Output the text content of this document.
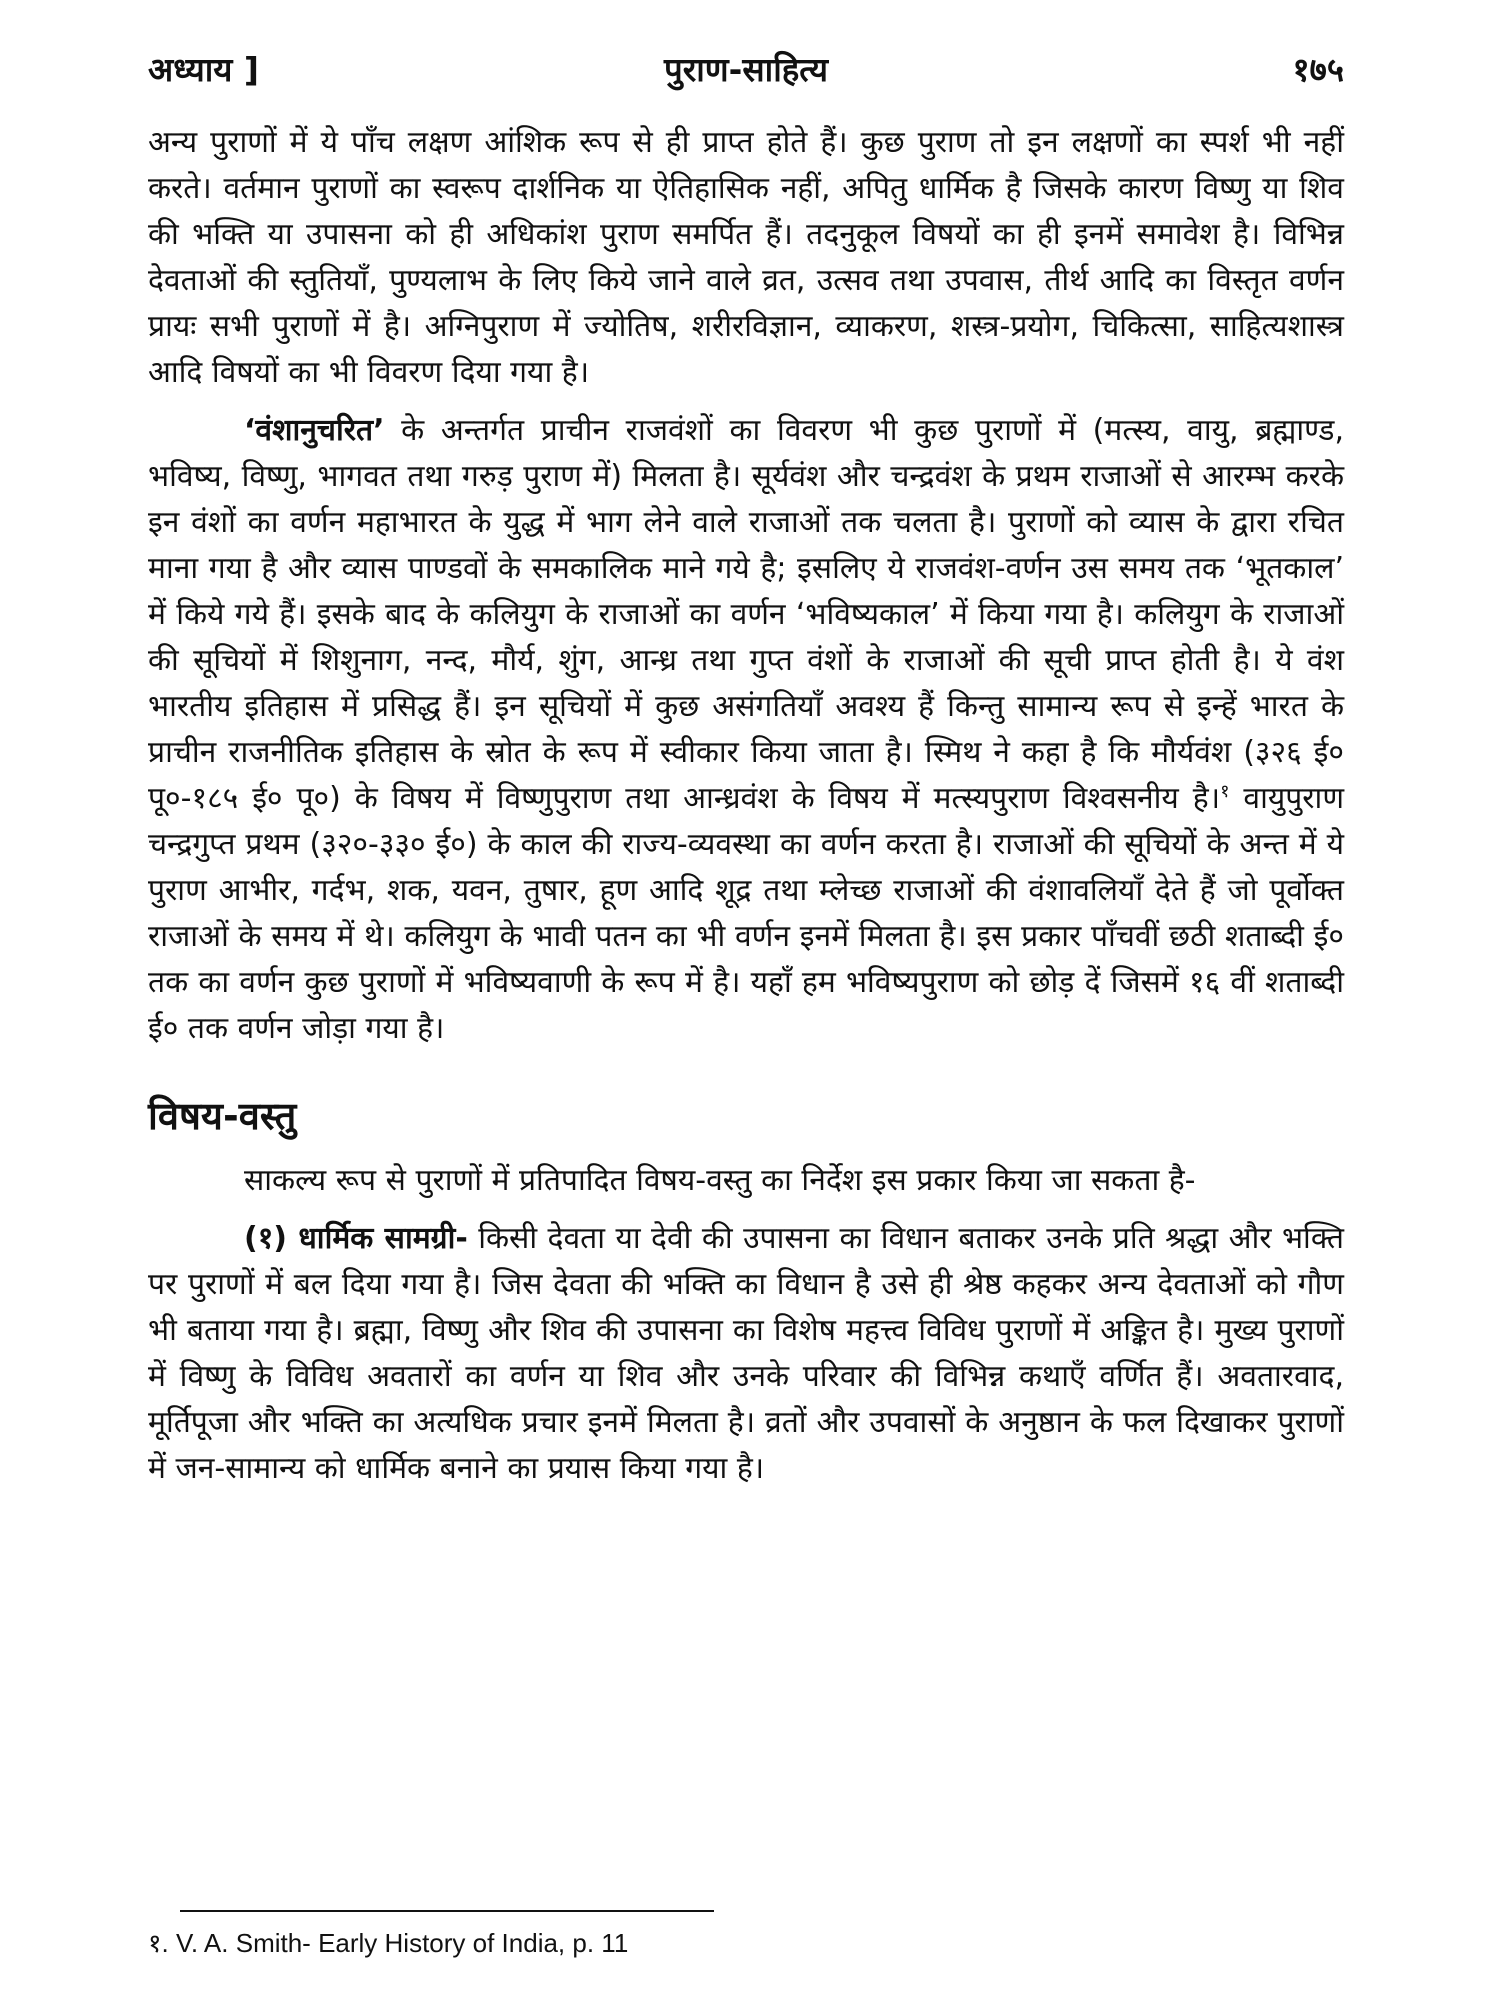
अध्याय ]	पुराण-साहित्य	१७५

अन्य पुराणों में ये पाँच लक्षण आंशिक रूप से ही प्राप्त होते हैं। कुछ पुराण तो इन लक्षणों का स्पर्श भी नहीं करते। वर्तमान पुराणों का स्वरूप दार्शनिक या ऐतिहासिक नहीं, अपितु धार्मिक है जिसके कारण विष्णु या शिव की भक्ति या उपासना को ही अधिकांश पुराण समर्पित हैं। तदनुकूल विषयों का ही इनमें समावेश है। विभिन्न देवताओं की स्तुतियाँ, पुण्यलाभ के लिए किये जाने वाले व्रत, उत्सव तथा उपवास, तीर्थ आदि का विस्तृत वर्णन प्रायः सभी पुराणों में है। अग्निपुराण में ज्योतिष, शरीरविज्ञान, व्याकरण, शस्त्र-प्रयोग, चिकित्सा, साहित्यशास्त्र आदि विषयों का भी विवरण दिया गया है।

‘वंशानुचरित’ के अन्तर्गत प्राचीन राजवंशों का विवरण भी कुछ पुराणों में (मत्स्य, वायु, ब्रह्माण्ड, भविष्य, विष्णु, भागवत तथा गरुड़ पुराण में) मिलता है। सूर्यवंश और चन्द्रवंश के प्रथम राजाओं से आरम्भ करके इन वंशों का वर्णन महाभारत के युद्ध में भाग लेने वाले राजाओं तक चलता है। पुराणों को व्यास के द्वारा रचित माना गया है और व्यास पाण्डवों के समकालिक माने गये है; इसलिए ये राजवंश-वर्णन उस समय तक ‘भूतकाल’ में किये गये हैं। इसके बाद के कलियुग के राजाओं का वर्णन ‘भविष्यकाल’ में किया गया है। कलियुग के राजाओं की सूचियों में शिशुनाग, नन्द, मौर्य, शुंग, आन्ध्र तथा गुप्त वंशों के राजाओं की सूची प्राप्त होती है। ये वंश भारतीय इतिहास में प्रसिद्ध हैं। इन सूचियों में कुछ असंगतियाँ अवश्य हैं किन्तु सामान्य रूप से इन्हें भारत के प्राचीन राजनीतिक इतिहास के स्रोत के रूप में स्वीकार किया जाता है। स्मिथ ने कहा है कि मौर्यवंश (३२६ ई० पू०-१८५ ई० पू०) के विषय में विष्णुपुराण तथा आन्ध्रवंश के विषय में मत्स्यपुराण विश्वसनीय है।$^१$ वायुपुराण चन्द्रगुप्त प्रथम (३२०-३३० ई०) के काल की राज्य-व्यवस्था का वर्णन करता है। राजाओं की सूचियों के अन्त में ये पुराण आभीर, गर्दभ, शक, यवन, तुषार, हूण आदि शूद्र तथा म्लेच्छ राजाओं की वंशावलियाँ देते हैं जो पूर्वोक्त राजाओं के समय में थे। कलियुग के भावी पतन का भी वर्णन इनमें मिलता है। इस प्रकार पाँचवीं छठी शताब्दी ई० तक का वर्णन कुछ पुराणों में भविष्यवाणी के रूप में है। यहाँ हम भविष्यपुराण को छोड़ दें जिसमें १६ वीं शताब्दी ई० तक वर्णन जोड़ा गया है।

विषय-वस्तु

साकल्य रूप से पुराणों में प्रतिपादित विषय-वस्तु का निर्देश इस प्रकार किया जा सकता है-

(१) धार्मिक सामग्री- किसी देवता या देवी की उपासना का विधान बताकर उनके प्रति श्रद्धा और भक्ति पर पुराणों में बल दिया गया है। जिस देवता की भक्ति का विधान है उसे ही श्रेष्ठ कहकर अन्य देवताओं को गौण भी बताया गया है। ब्रह्मा, विष्णु और शिव की उपासना का विशेष महत्त्व विविध पुराणों में अङ्कित है। मुख्य पुराणों में विष्णु के विविध अवतारों का वर्णन या शिव और उनके परिवार की विभिन्न कथाएँ वर्णित हैं। अवतारवाद, मूर्तिपूजा और भक्ति का अत्यधिक प्रचार इनमें मिलता है। व्रतों और उपवासों के अनुष्ठान के फल दिखाकर पुराणों में जन-सामान्य को धार्मिक बनाने का प्रयास किया गया है।

१. V. A. Smith- Early History of India, p. 11
